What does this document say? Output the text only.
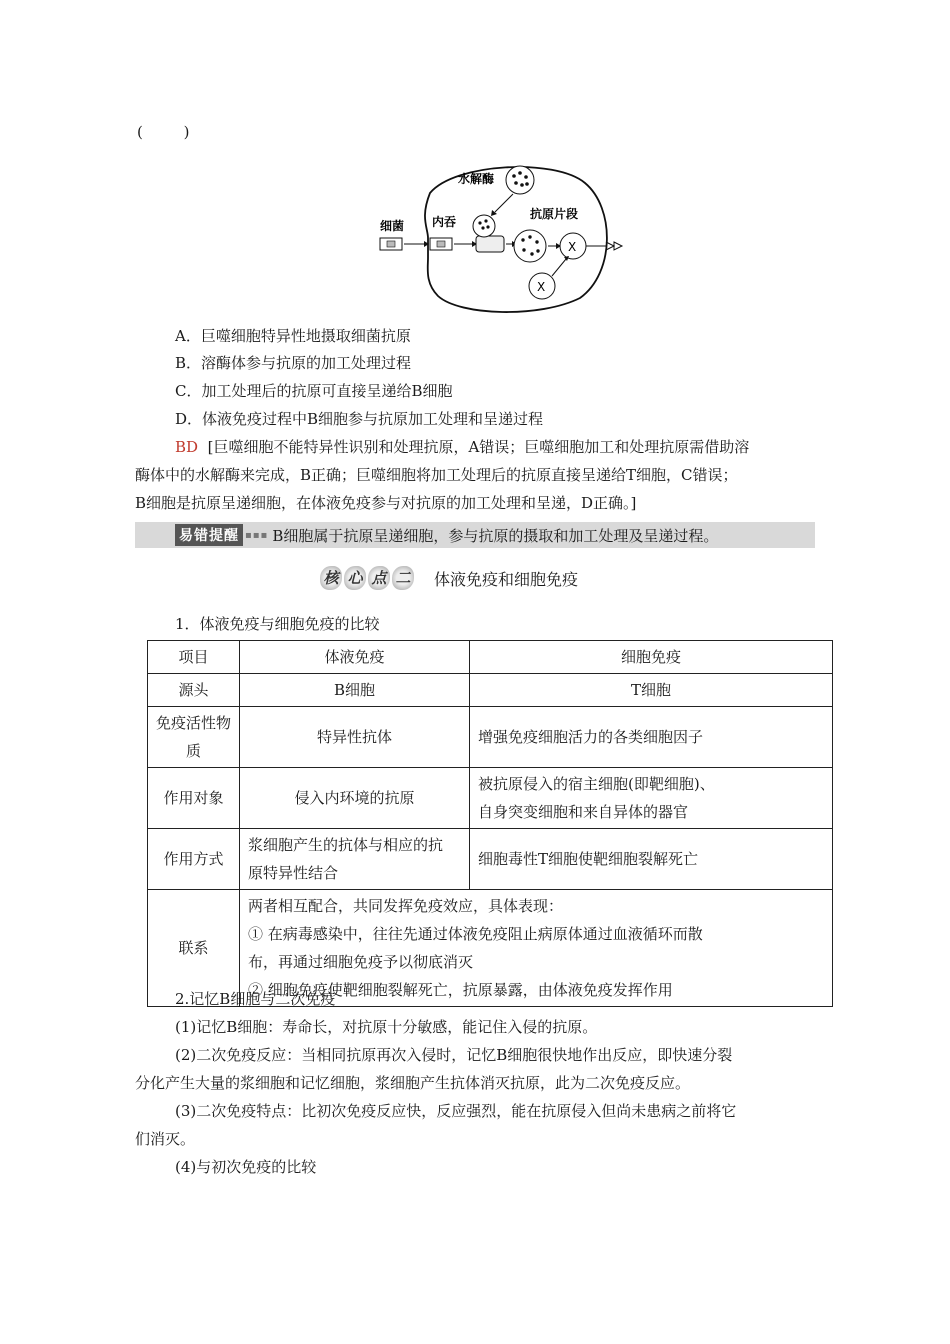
( )
细菌 内吞
水解酶
抗原片段
X
X
A．巨噬细胞特异性地摄取细菌抗原
B．溶酶体参与抗原的加工处理过程
C．加工处理后的抗原可直接呈递给B细胞
D．体液免疫过程中B细胞参与抗原加工处理和呈递过程
BD [巨噬细胞不能特异性识别和处理抗原，A错误；巨噬细胞加工和处理抗原需借助溶
酶体中的水解酶来完成，B正确；巨噬细胞将加工处理后的抗原直接呈递给T细胞，C错误；
B细胞是抗原呈递细胞，在体液免疫参与对抗原的加工处理和呈递，D正确。]
易错提醒 ▪▪▪ B细胞属于抗原呈递细胞，参与抗原的摄取和加工处理及呈递过程。
核 心 点 二 体液免疫和细胞免疫
1．体液免疫与细胞免疫的比较
项目	体液免疫	细胞免疫
源头	B细胞	T细胞

免疫活性物
质	特异性抗体	增强免疫细胞活力的各类细胞因子
作用对象	侵入内环境的抗原	被抗原侵入的宿主细胞(即靶细胞)、
自身突变细胞和来自异体的器官

作用方式	浆细胞产生的抗体与相应的抗
原特异性结合	细胞毒性T细胞使靶细胞裂解死亡
联系	两者相互配合，共同发挥免疫效应，具体表现：
① 在病毒感染中，往往先通过体液免疫阻止病原体通过血液循环而散
布，再通过细胞免疫予以彻底消灭
② 细胞免疫使靶细胞裂解死亡，抗原暴露，由体液免疫发挥作用	
2.记忆B细胞与二次免疫
(1)记忆B细胞：寿命长，对抗原十分敏感，能记住入侵的抗原。
(2)二次免疫反应：当相同抗原再次入侵时，记忆B细胞很快地作出反应，即快速分裂
分化产生大量的浆细胞和记忆细胞，浆细胞产生抗体消灭抗原，此为二次免疫反应。
(3)二次免疫特点：比初次免疫反应快，反应强烈，能在抗原侵入但尚未患病之前将它
们消灭。
(4)与初次免疫的比较
